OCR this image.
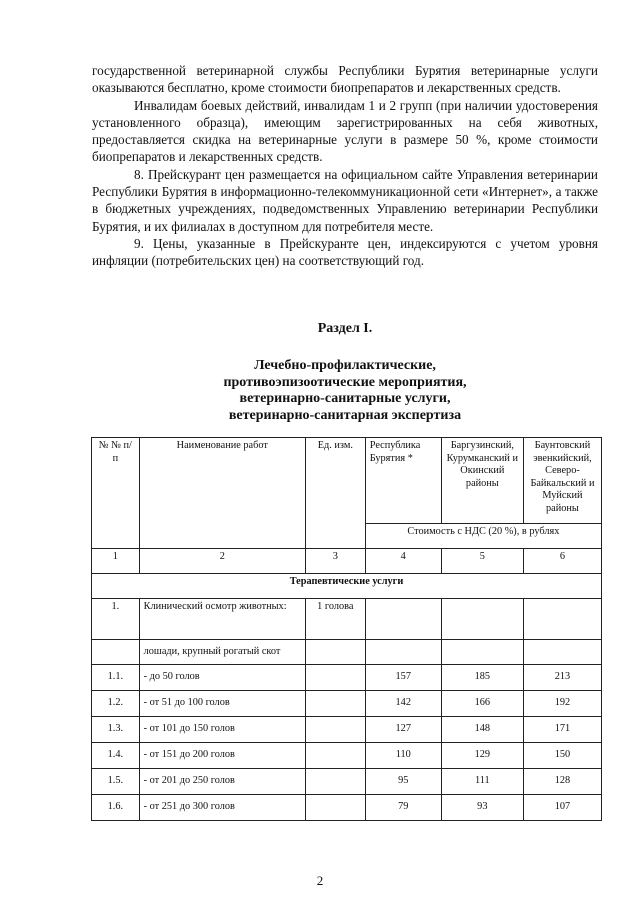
государственной ветеринарной службы Республики Бурятия ветеринарные услуги оказываются бесплатно, кроме стоимости биопрепаратов и лекарственных средств.

Инвалидам боевых действий, инвалидам 1 и 2 групп (при наличии удостоверения установленного образца), имеющим зарегистрированных на себя животных, предоставляется скидка на ветеринарные услуги в размере 50 %, кроме стоимости биопрепаратов и лекарственных средств.

8. Прейскурант цен размещается на официальном сайте Управления ветеринарии Республики Бурятия в информационно-телекоммуникационной сети «Интернет», а также в бюджетных учреждениях, подведомственных Управлению ветеринарии Республики Бурятия, и их филиалах в доступном для потребителя месте.

9. Цены, указанные в Прейскуранте цен, индексируются с учетом уровня инфляции (потребительских цен) на соответствующий год.

Раздел I.
Лечебно-профилактические,
противоэпизоотические мероприятия,
ветеринарно-санитарные услуги,
ветеринарно-санитарная экспертиза
№ № п/п	Наименование работ	Ед. изм.	Республика Бурятия *	Баргузинский, Курумканский и Окинский районы	Баунтовский эвенкийский, Северо-Байкальский и Муйский районы
			Стоимость с НДС (20 %), в рублях		
1	2	3	4	5	6
Терапевтические услуги					
1.	Клинический осмотр животных:	1 голова			
	лошади, крупный рогатый скот				
1.1.	- до 50 голов		157	185	213
1.2.	- от 51 до 100 голов		142	166	192
1.3.	- от 101 до 150 голов		127	148	171
1.4.	- от 151 до 200 голов		110	129	150
1.5.	- от 201 до 250 голов		95	111	128
1.6.	- от 251 до 300 голов		79	93	107
2
